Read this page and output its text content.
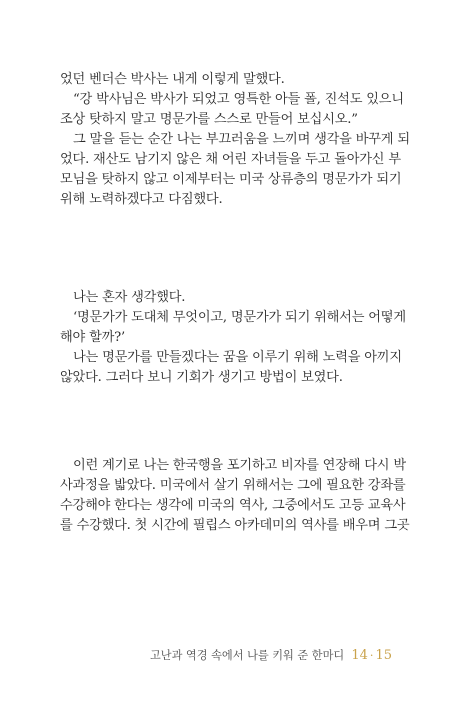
었던 벤더슨 박사는 내게 이렇게 말했다.
“강 박사님은 박사가 되었고 영특한 아들 폴, 진석도 있으니
조상 탓하지 말고 명문가를 스스로 만들어 보십시오.”
그 말을 듣는 순간 나는 부끄러움을 느끼며 생각을 바꾸게 되
었다. 재산도 남기지 않은 채 어린 자녀들을 두고 돌아가신 부
모님을 탓하지 않고 이제부터는 미국 상류층의 명문가가 되기
위해 노력하겠다고 다짐했다.
나는 혼자 생각했다.
‘명문가가 도대체 무엇이고, 명문가가 되기 위해서는 어떻게
해야 할까?’
나는 명문가를 만들겠다는 꿈을 이루기 위해 노력을 아끼지
않았다. 그러다 보니 기회가 생기고 방법이 보였다.
이런 계기로 나는 한국행을 포기하고 비자를 연장해 다시 박
사과정을 밟았다. 미국에서 살기 위해서는 그에 필요한 강좌를
수강해야 한다는 생각에 미국의 역사, 그중에서도 고등 교육사
를 수강했다. 첫 시간에 필립스 아카데미의 역사를 배우며 그곳
고난과 역경 속에서 나를 키워 준 한마디 14 · 15
